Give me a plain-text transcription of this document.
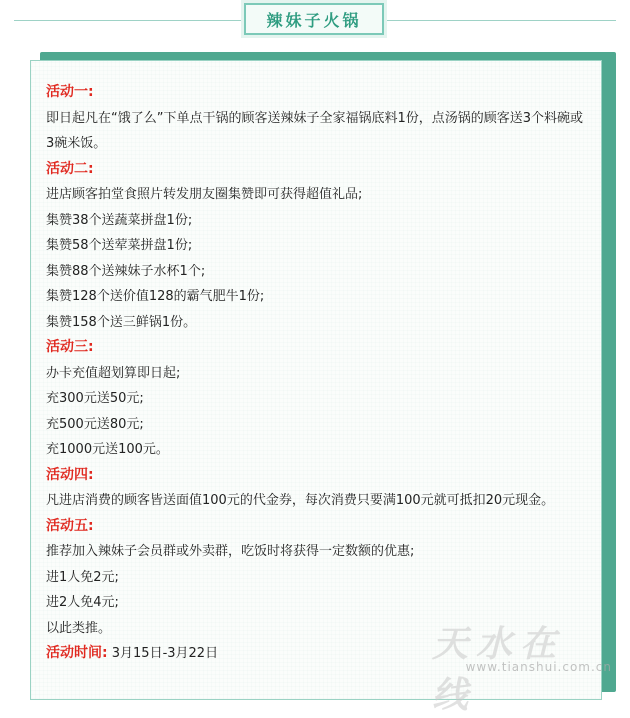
辣妹子火锅
活动一:
即日起凡在“饿了么”下单点干锅的顾客送辣妹子全家福锅底料1份，点汤锅的顾客送3个料碗或3碗米饭。
活动二:
进店顾客拍堂食照片转发朋友圈集赞即可获得超值礼品;
集赞38个送蔬菜拼盘1份;
集赞58个送荤菜拼盘1份;
集赞88个送辣妹子水杯1个;
集赞128个送价值128的霸气肥牛1份;
集赞158个送三鲜锅1份。
活动三:
办卡充值超划算即日起;
充300元送50元;
充500元送80元;
充1000元送100元。
活动四:
凡进店消费的顾客皆送面值100元的代金券，每次消费只要满100元就可抵扣20元现金。
活动五:
推荐加入辣妹子会员群或外卖群，吃饭时将获得一定数额的优惠;
进1人免2元;
进2人免4元;
以此类推。
活动时间: 3月15日-3月22日	天水在线
www.tianshui.com.cn
